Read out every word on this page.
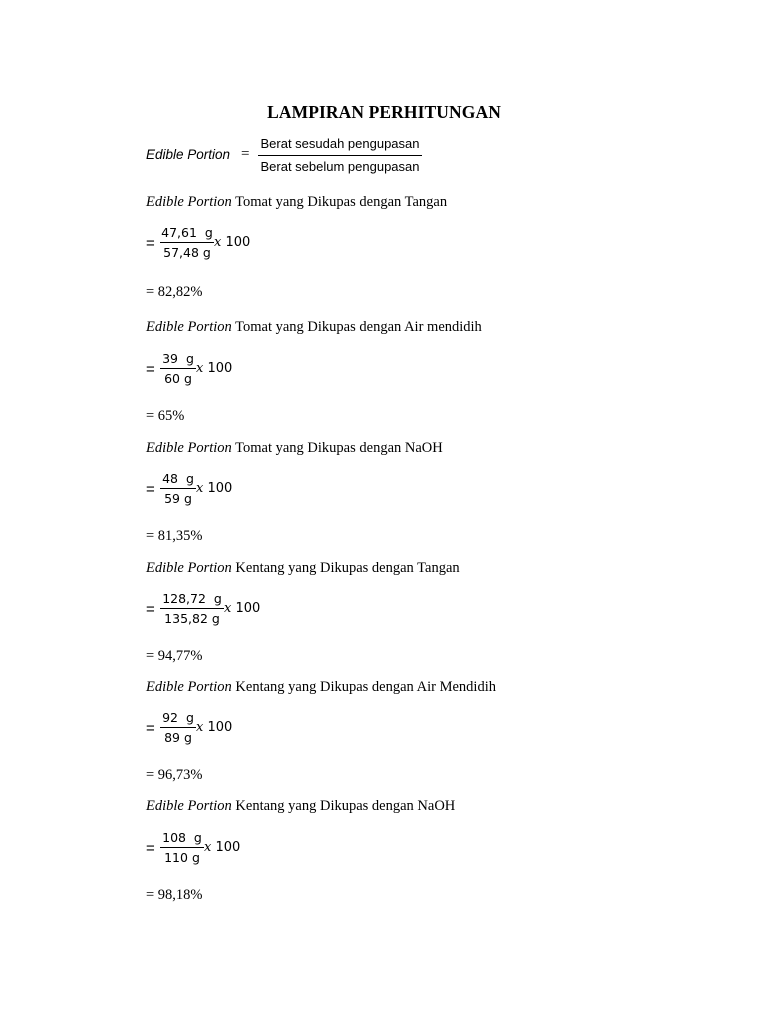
LAMPIRAN PERHITUNGAN
Edible Portion =
Berat sesudah pengupasan
Berat sebelum pengupasan
Edible Portion Tomat yang Dikupas dengan Tangan
=
47,61  g
57,48 g
x 100
= 82,82%
Edible Portion Tomat yang Dikupas dengan Air mendidih
=
39  g
60 g
x 100
= 65%
Edible Portion Tomat yang Dikupas dengan NaOH
=
48  g
59 g
x 100
= 81,35%
Edible Portion Kentang yang Dikupas dengan Tangan
=
128,72  g
135,82 g
x 100
= 94,77%
Edible Portion Kentang yang Dikupas dengan Air Mendidih
=
92  g
89 g
x 100
= 96,73%
Edible Portion Kentang yang Dikupas dengan NaOH
=
108  g
110 g
x 100
= 98,18%
